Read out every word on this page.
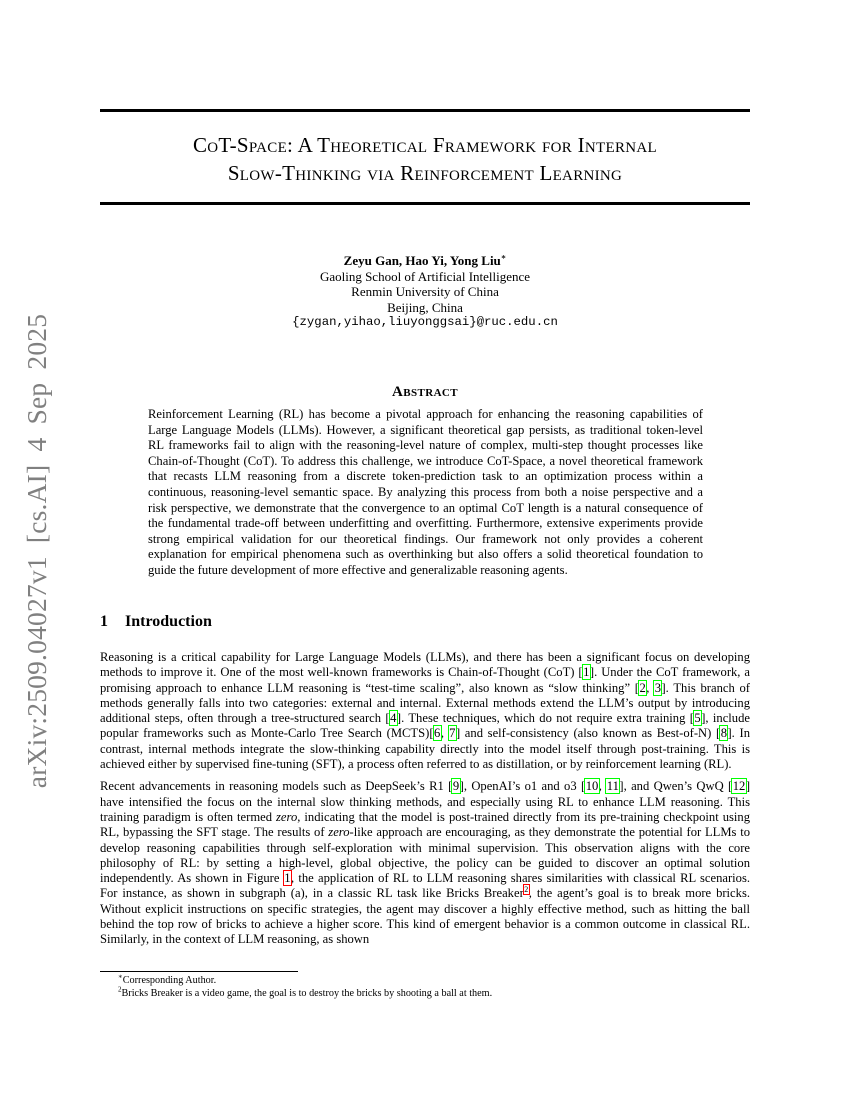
arXiv:2509.04027v1 [cs.AI] 4 Sep 2025
CoT-Space: A Theoretical Framework for Internal
Slow-Thinking via Reinforcement Learning
Zeyu Gan, Hao Yi, Yong Liu∗
Gaoling School of Artificial Intelligence
Renmin University of China
Beijing, China
{zygan,yihao,liuyonggsai}@ruc.edu.cn
Abstract
Reinforcement Learning (RL) has become a pivotal approach for enhancing the reasoning capabilities of Large Language Models (LLMs). However, a significant theoretical gap persists, as traditional token-level RL frameworks fail to align with the reasoning-level nature of complex, multi-step thought processes like Chain-of-Thought (CoT). To address this challenge, we introduce CoT-Space, a novel theoretical framework that recasts LLM reasoning from a discrete token-prediction task to an optimization process within a continuous, reasoning-level semantic space. By analyzing this process from both a noise perspective and a risk perspective, we demonstrate that the convergence to an optimal CoT length is a natural consequence of the fundamental trade-off between underfitting and overfitting. Furthermore, extensive experiments provide strong empirical validation for our theoretical findings. Our framework not only provides a coherent explanation for empirical phenomena such as overthinking but also offers a solid theoretical foundation to guide the future development of more effective and generalizable reasoning agents.
1 Introduction

Reasoning is a critical capability for Large Language Models (LLMs), and there has been a significant focus on developing methods to improve it. One of the most well-known frameworks is Chain-of-Thought (CoT) [1]. Under the CoT framework, a promising approach to enhance LLM reasoning is “test-time scaling”, also known as “slow thinking” [2, 3]. This branch of methods generally falls into two categories: external and internal. External methods extend the LLM’s output by introducing additional steps, often through a tree-structured search [4]. These techniques, which do not require extra training [5], include popular frameworks such as Monte-Carlo Tree Search (MCTS)[6, 7] and self-consistency (also known as Best-of-N) [8]. In contrast, internal methods integrate the slow-thinking capability directly into the model itself through post-training. This is achieved either by supervised fine-tuning (SFT), a process often referred to as distillation, or by reinforcement learning (RL).

Recent advancements in reasoning models such as DeepSeek’s R1 [9], OpenAI’s o1 and o3 [10, 11], and Qwen’s QwQ [12] have intensified the focus on the internal slow thinking methods, and especially using RL to enhance LLM reasoning. This training paradigm is often termed zero, indicating that the model is post-trained directly from its pre-training checkpoint using RL, bypassing the SFT stage. The results of zero-like approach are encouraging, as they demonstrate the potential for LLMs to develop reasoning capabilities through self-exploration with minimal supervision. This observation aligns with the core philosophy of RL: by setting a high-level, global objective, the policy can be guided to discover an optimal solution independently. As shown in Figure 1, the application of RL to LLM reasoning shares similarities with classical RL scenarios. For instance, as shown in subgraph (a), in a classic RL task like Bricks Breaker$^2$, the agent’s goal is to break more bricks. Without explicit instructions on specific strategies, the agent may discover a highly effective method, such as hitting the ball behind the top row of bricks to achieve a higher score. This kind of emergent behavior is a common outcome in classical RL. Similarly, in the context of LLM reasoning, as shown

∗Corresponding Author.
$^2$Bricks Breaker is a video game, the goal is to destroy the bricks by shooting a ball at them.
